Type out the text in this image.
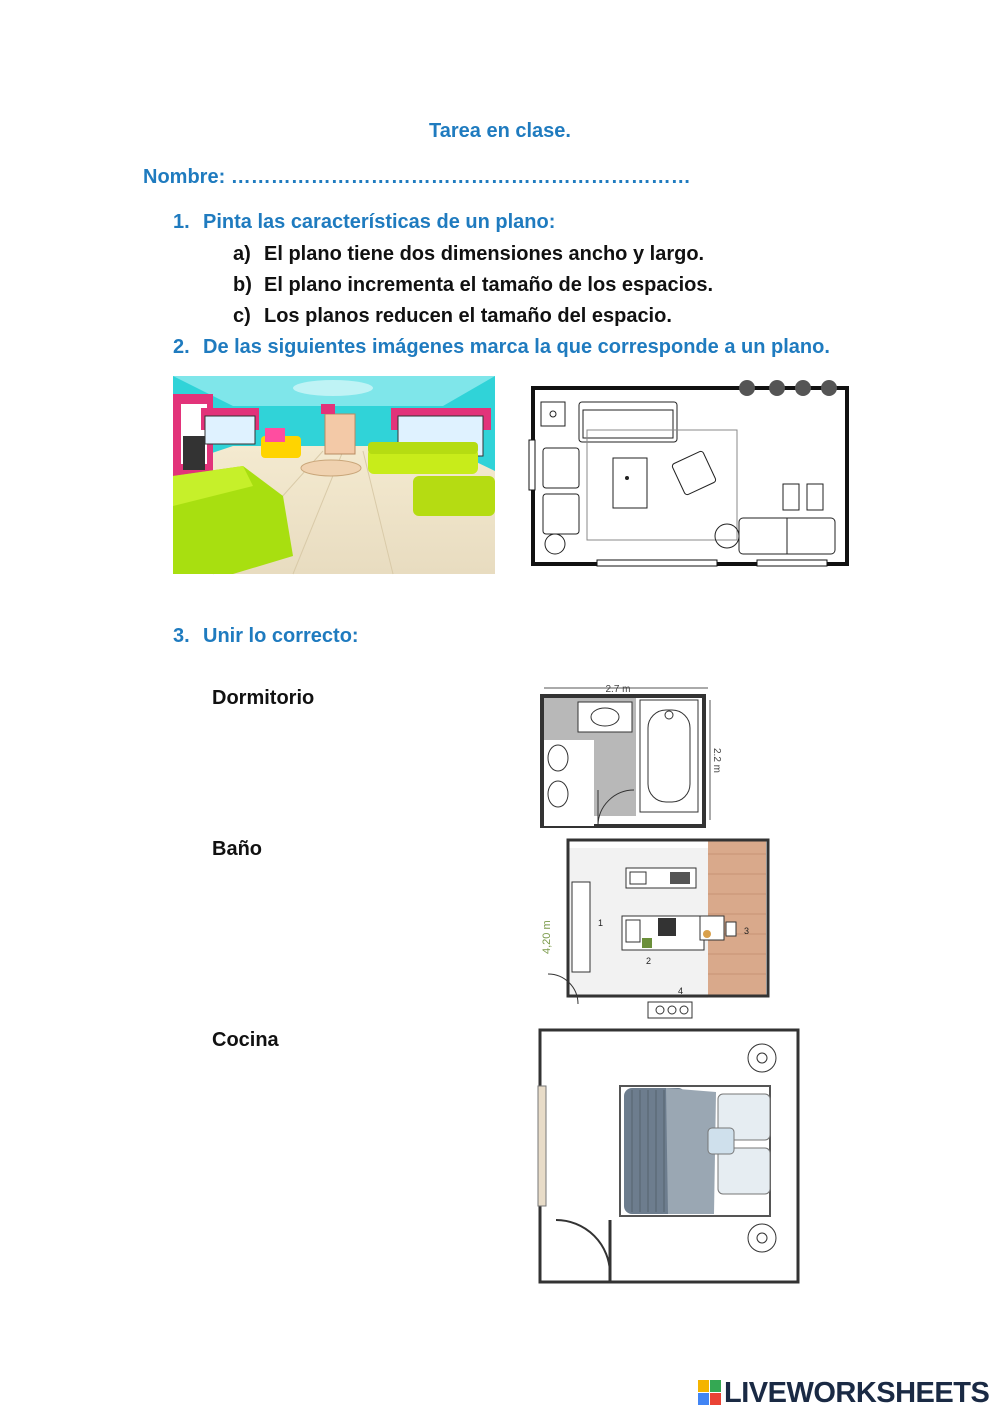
Tarea en clase.
Nombre: ……………………………………………………………
1. Pinta las características de un plano:
a) El plano tiene dos dimensiones ancho y largo.
b) El plano incrementa el tamaño de los espacios.
c) Los planos reducen el tamaño del espacio.
2. De las siguientes imágenes marca la que corresponde a un plano.
3. Unir lo correcto:
Dormitorio
Baño
Cocina
2.7 m
2.2 m
4,20 m	1
2
3
4
LIVEWORKSHEETS
